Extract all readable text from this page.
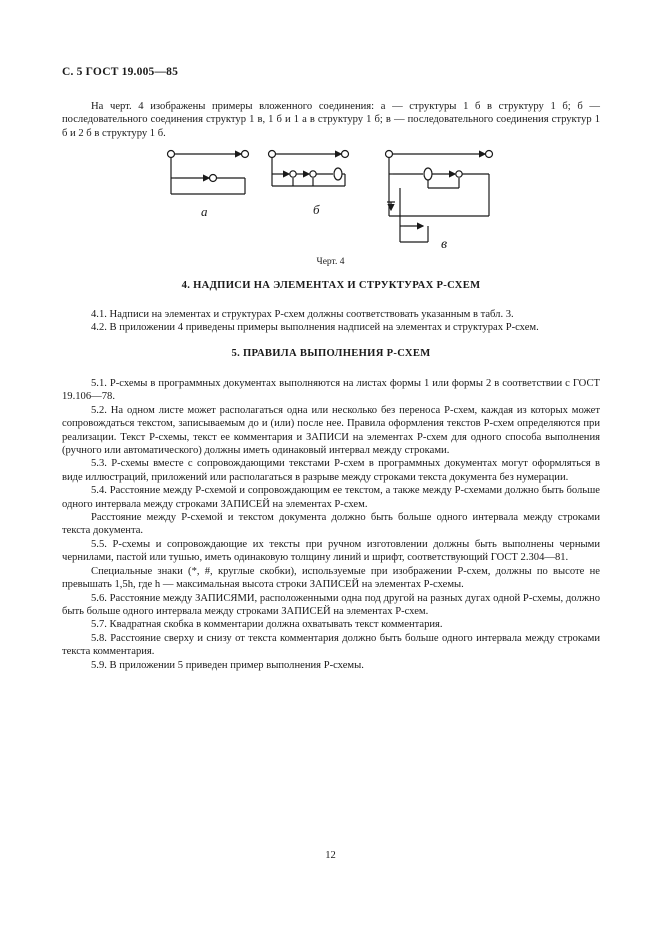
С. 5 ГОСТ 19.005—85

На черт. 4 изображены примеры вложенного соединения: а — структуры 1 б в структуру 1 б; б — последовательного соединения структур 1 в, 1 б и 1 а в структуру 1 б; в — последовательного соединения структур 1 б и 2 б в структуру 1 б.

а	б
в
Черт. 4
4. НАДПИСИ НА ЭЛЕМЕНТАХ И СТРУКТУРАХ Р-СХЕМ

4.1. Надписи на элементах и структурах Р-схем должны соответствовать указанным в табл. 3.

4.2. В приложении 4 приведены примеры выполнения надписей на элементах и структурах Р-схем.

5. ПРАВИЛА ВЫПОЛНЕНИЯ Р-СХЕМ

5.1. Р-схемы в программных документах выполняются на листах формы 1 или формы 2 в соответствии с ГОСТ 19.106—78.

5.2. На одном листе может располагаться одна или несколько без переноса Р-схем, каждая из которых может сопровождаться текстом, записываемым до и (или) после нее. Правила оформления текстов Р-схем определяются при реализации. Текст Р-схемы, текст ее комментария и ЗАПИСИ на элементах Р-схем для одного способа выполнения (ручного или автоматического) должны иметь одинаковый интервал между строками.

5.3. Р-схемы вместе с сопровождающими текстами Р-схем в программных документах могут оформляться в виде иллюстраций, приложений или располагаться в разрыве между строками текста документа без нумерации.

5.4. Расстояние между Р-схемой и сопровождающим ее текстом, а также между Р-схемами должно быть больше одного интервала между строками ЗАПИСЕЙ на элементах Р-схем.

Расстояние между Р-схемой и текстом документа должно быть больше одного интервала между строками текста документа.

5.5. Р-схемы и сопровождающие их тексты при ручном изготовлении должны быть выполнены черными чернилами, пастой или тушью, иметь одинаковую толщину линий и шрифт, соответствующий ГОСТ 2.304—81.

Специальные знаки (*, #, круглые скобки), используемые при изображении Р-схем, должны по высоте не превышать 1,5h, где h — максимальная высота строки ЗАПИСЕЙ на элементах Р-схемы.

5.6. Расстояние между ЗАПИСЯМИ, расположенными одна под другой на разных дугах одной Р-схемы, должно быть больше одного интервала между строками ЗАПИСЕЙ на элементах Р-схем.

5.7. Квадратная скобка в комментарии должна охватывать текст комментария.

5.8. Расстояние сверху и снизу от текста комментария должно быть больше одного интервала между строками текста комментария.

5.9. В приложении 5 приведен пример выполнения Р-схемы.

12
